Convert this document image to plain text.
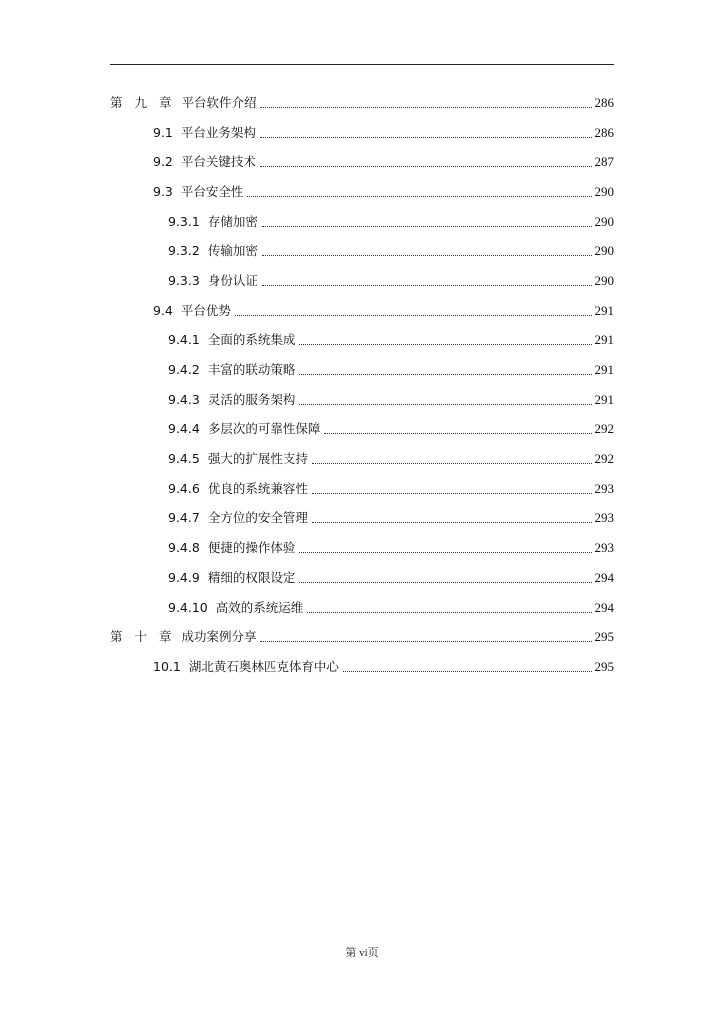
第 九 章 平台软件介绍	286
9.1 平台业务架构	286
9.2 平台关键技术	287
9.3 平台安全性	290
9.3.1 存储加密	290
9.3.2 传输加密	290
9.3.3 身份认证	290
9.4 平台优势	291
9.4.1 全面的系统集成	291
9.4.2 丰富的联动策略	291
9.4.3 灵活的服务架构	291
9.4.4 多层次的可靠性保障	292
9.4.5 强大的扩展性支持	292
9.4.6 优良的系统兼容性	293
9.4.7 全方位的安全管理	293
9.4.8 便捷的操作体验	293
9.4.9 精细的权限设定	294
9.4.10 高效的系统运维	294
第 十 章 成功案例分享	295
10.1 湖北黄石奥林匹克体育中心	295
第 vi页
